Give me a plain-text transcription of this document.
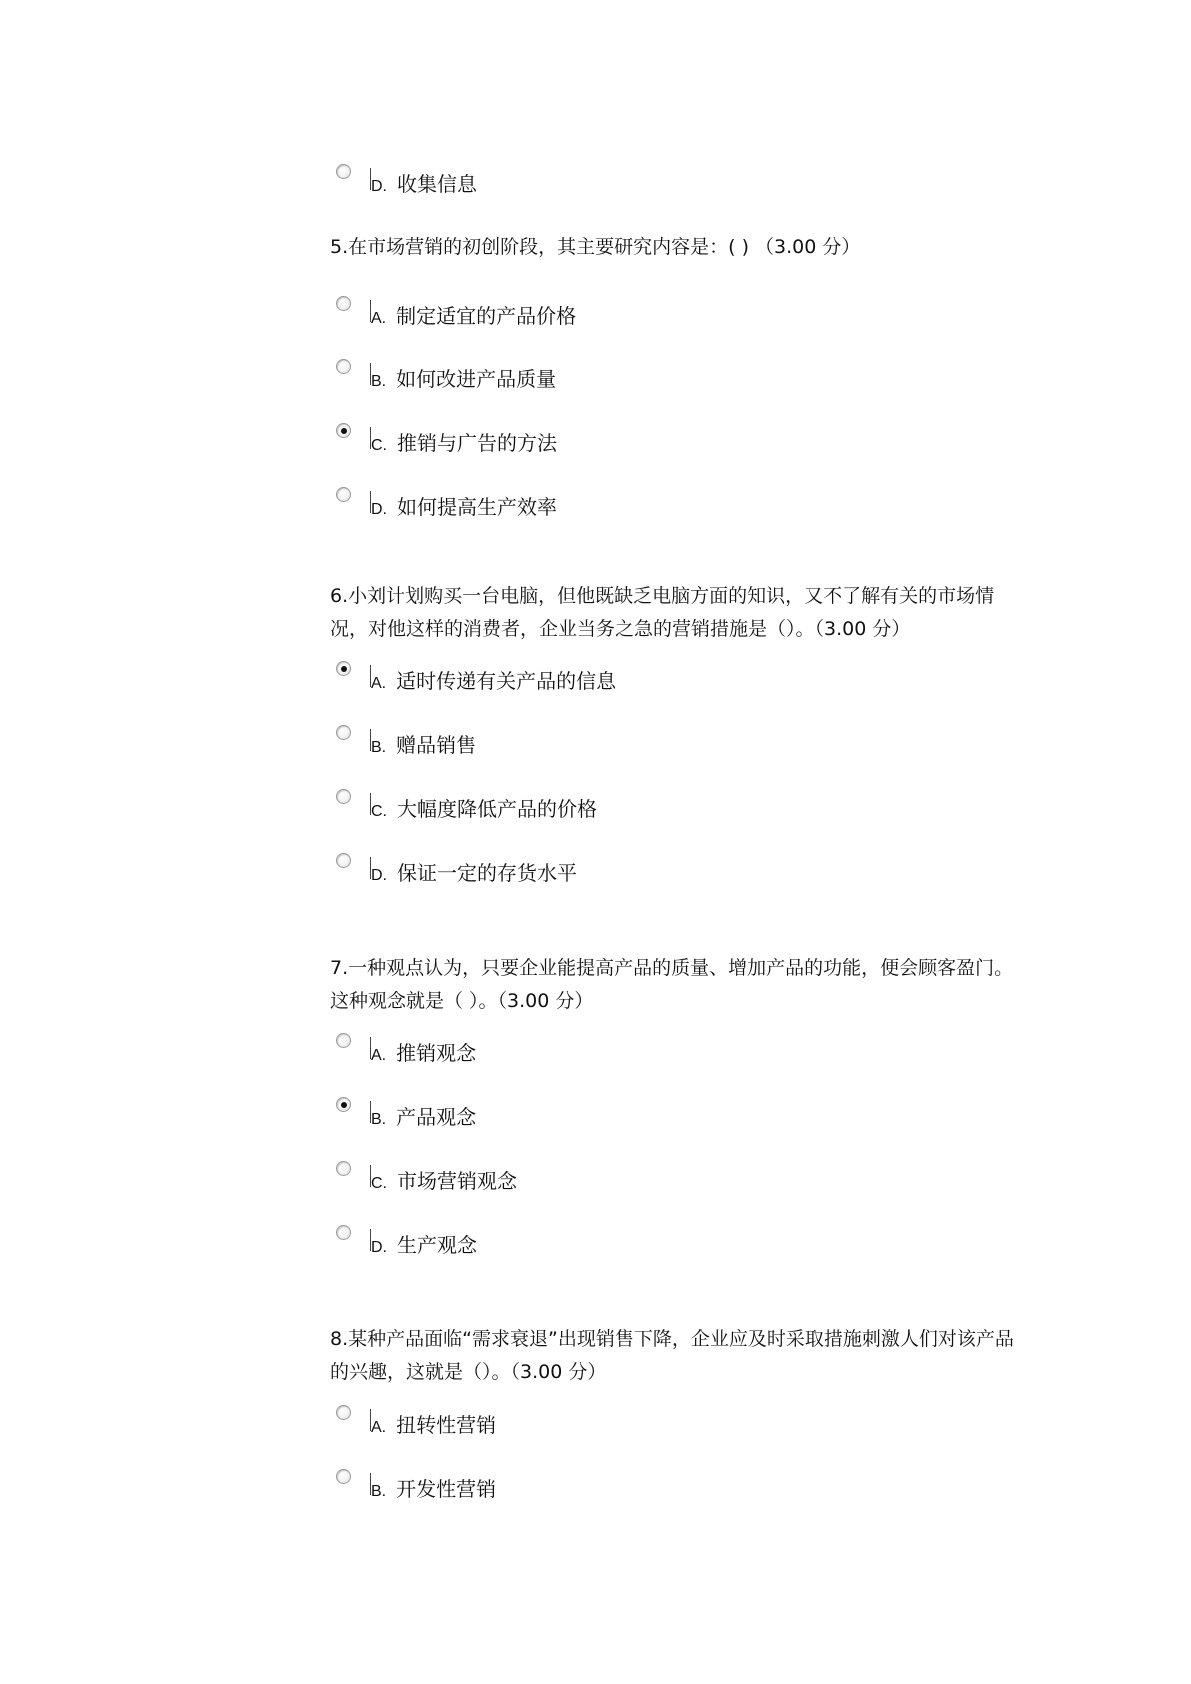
D. 收集信息
5.在市场营销的初创阶段，其主要研究内容是：( ) （3.00 分）
A. 制定适宜的产品价格
B. 如何改进产品质量
C. 推销与广告的方法
D. 如何提高生产效率
6.小刘计划购买一台电脑，但他既缺乏电脑方面的知识，又不了解有关的市场情况，对他这样的消费者，企业当务之急的营销措施是（）。（3.00 分）
A. 适时传递有关产品的信息
B. 赠品销售
C. 大幅度降低产品的价格
D. 保证一定的存货水平
7.一种观点认为，只要企业能提高产品的质量、增加产品的功能，便会顾客盈门。这种观念就是（ ）。（3.00 分）
A. 推销观念
B. 产品观念
C. 市场营销观念
D. 生产观念
8.某种产品面临“需求衰退”出现销售下降，企业应及时采取措施刺激人们对该产品的兴趣，这就是（）。（3.00 分）
A. 扭转性营销
B. 开发性营销
